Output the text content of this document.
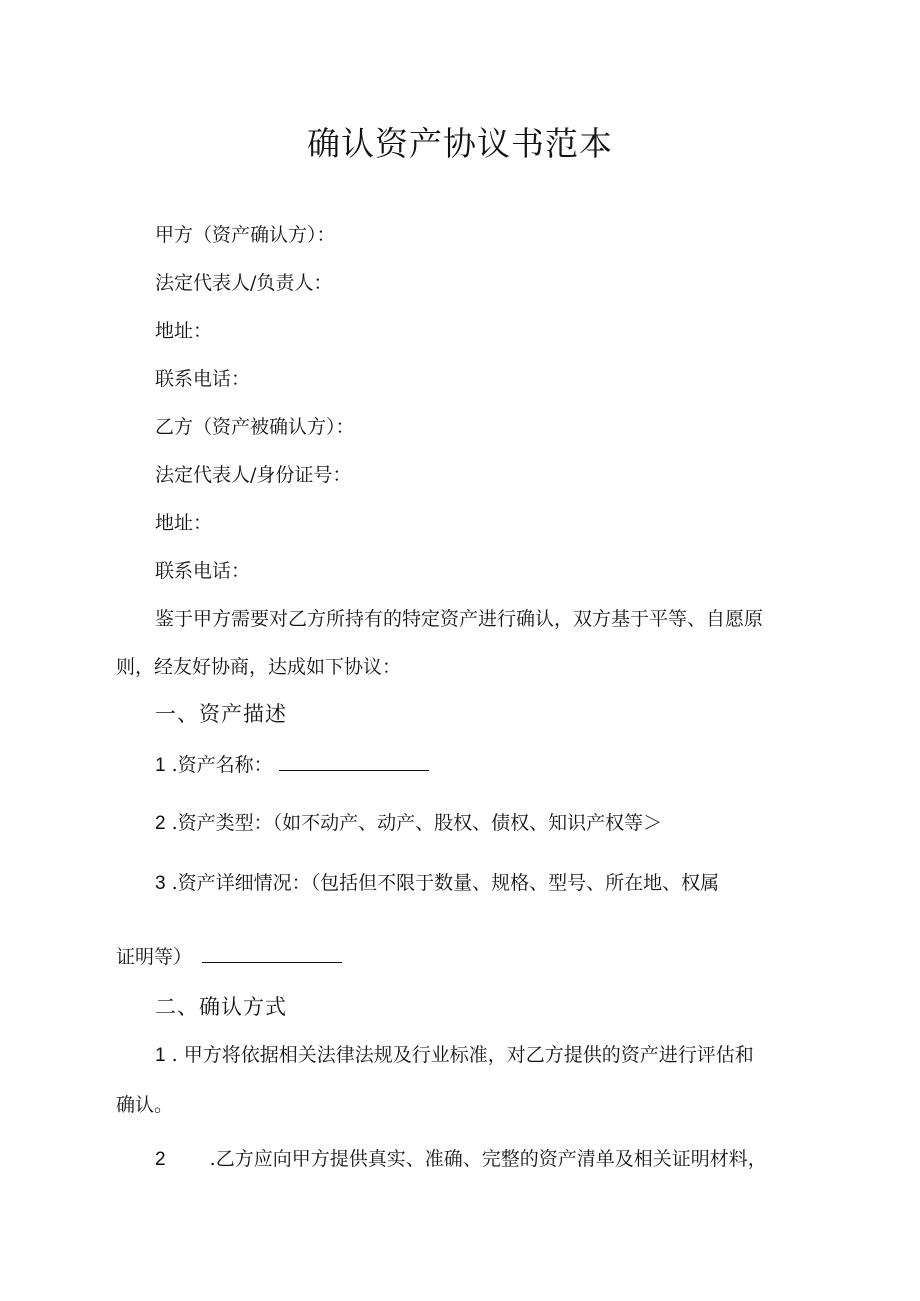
确认资产协议书范本
甲方（资产确认方）：
法定代表人/负责人：
地址：
联系电话：
乙方（资产被确认方）：
法定代表人/身份证号：
地址：
联系电话：
鉴于甲方需要对乙方所持有的特定资产进行确认，双方基于平等、自愿原
则，经友好协商，达成如下协议：
一、资产描述
1 .资产名称：
2 .资产类型：（如不动产、动产、股权、债权、知识产权等＞
3 .资产详细情况：（包括但不限于数量、规格、型号、所在地、权属
证明等）
二、确认方式
1 . 甲方将依据相关法律法规及行业标准，对乙方提供的资产进行评估和
确认。
2 .乙方应向甲方提供真实、准确、完整的资产清单及相关证明材料，
